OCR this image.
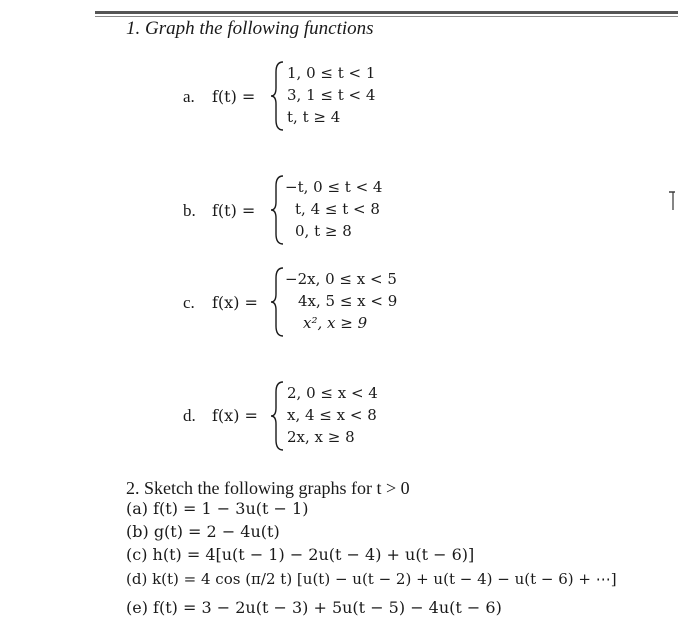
1. Graph the following functions
a. f(t) =
1, 0 ≤ t < 1
3, 1 ≤ t < 4
t, t ≥ 4
b. f(t) =
−t, 0 ≤ t < 4
t, 4 ≤ t < 8
0, t ≥ 8
c. f(x) =
−2x, 0 ≤ x < 5
4x, 5 ≤ x < 9
x², x ≥ 9
d. f(x) =
2, 0 ≤ x < 4
x, 4 ≤ x < 8
2x, x ≥ 8
2. Sketch the following graphs for t > 0
(a) f(t) = 1 − 3u(t − 1)
(b) g(t) = 2 − 4u(t)
(c) h(t) = 4[u(t − 1) − 2u(t − 4) + u(t − 6)]
(d) k(t) = 4 cos (π/2 t) [u(t) − u(t − 2) + u(t − 4) − u(t − 6) + ⋯]
(e) f(t) = 3 − 2u(t − 3) + 5u(t − 5) − 4u(t − 6)
